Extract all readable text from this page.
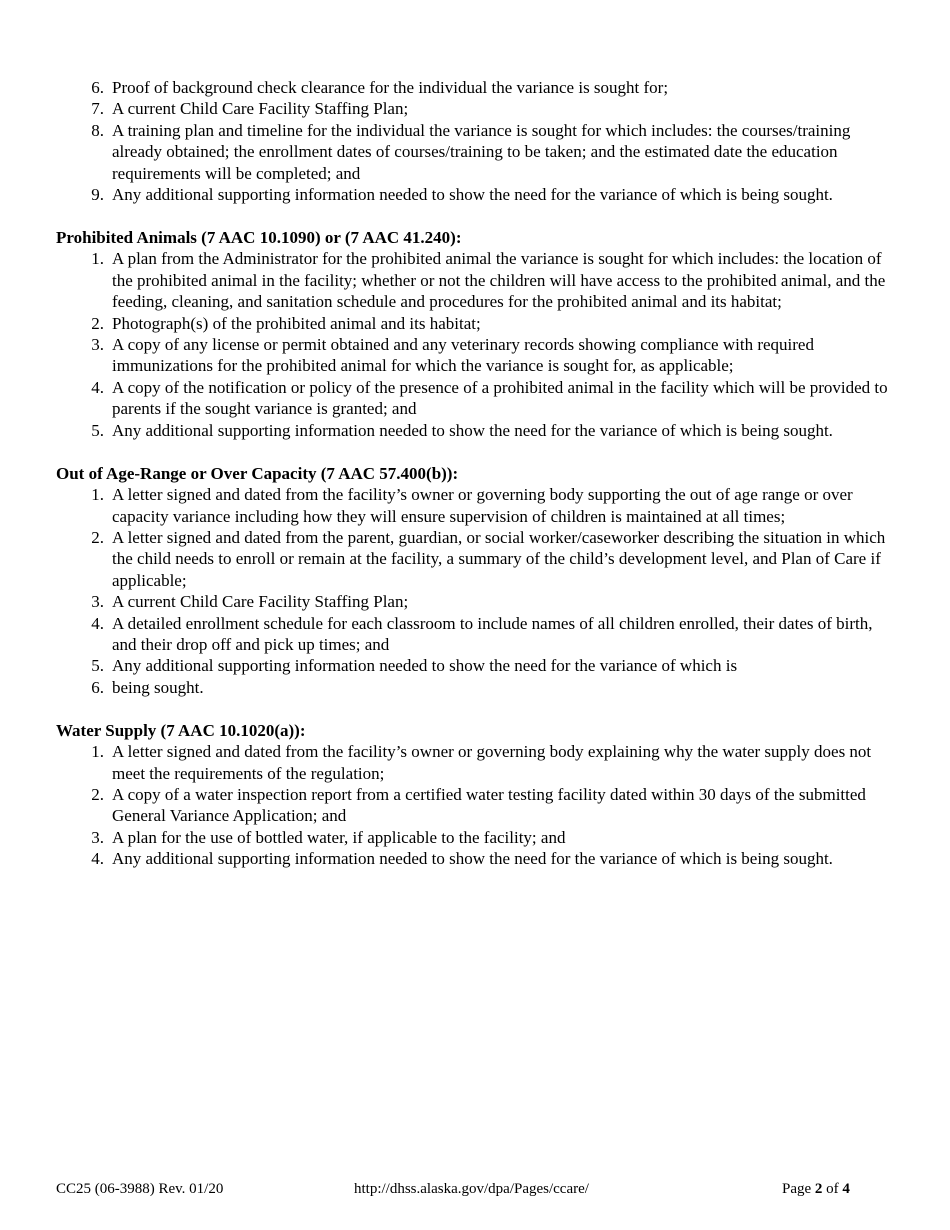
6. Proof of background check clearance for the individual the variance is sought for;
7. A current Child Care Facility Staffing Plan;
8. A training plan and timeline for the individual the variance is sought for which includes: the courses/training already obtained; the enrollment dates of courses/training to be taken; and the estimated date the education requirements will be completed; and
9. Any additional supporting information needed to show the need for the variance of which is being sought.
Prohibited Animals (7 AAC 10.1090) or (7 AAC 41.240):
1. A plan from the Administrator for the prohibited animal the variance is sought for which includes: the location of the prohibited animal in the facility; whether or not the children will have access to the prohibited animal, and the feeding, cleaning, and sanitation schedule and procedures for the prohibited animal and its habitat;
2. Photograph(s) of the prohibited animal and its habitat;
3. A copy of any license or permit obtained and any veterinary records showing compliance with required immunizations for the prohibited animal for which the variance is sought for, as applicable;
4. A copy of the notification or policy of the presence of a prohibited animal in the facility which will be provided to parents if the sought variance is granted; and
5. Any additional supporting information needed to show the need for the variance of which is being sought.
Out of Age-Range or Over Capacity (7 AAC 57.400(b)):
1. A letter signed and dated from the facility’s owner or governing body supporting the out of age range or over capacity variance including how they will ensure supervision of children is maintained at all times;
2. A letter signed and dated from the parent, guardian, or social worker/caseworker describing the situation in which the child needs to enroll or remain at the facility, a summary of the child’s development level, and Plan of Care if applicable;
3. A current Child Care Facility Staffing Plan;
4. A detailed enrollment schedule for each classroom to include names of all children enrolled, their dates of birth, and their drop off and pick up times; and
5. Any additional supporting information needed to show the need for the variance of which is
6. being sought.
Water Supply (7 AAC 10.1020(a)):
1. A letter signed and dated from the facility’s owner or governing body explaining why the water supply does not meet the requirements of the regulation;
2. A copy of a water inspection report from a certified water testing facility dated within 30 days of the submitted General Variance Application; and
3. A plan for the use of bottled water, if applicable to the facility; and
4. Any additional supporting information needed to show the need for the variance of which is being sought.
CC25 (06-3988) Rev. 01/20	http://dhss.alaska.gov/dpa/Pages/ccare/	Page 2 of 4
